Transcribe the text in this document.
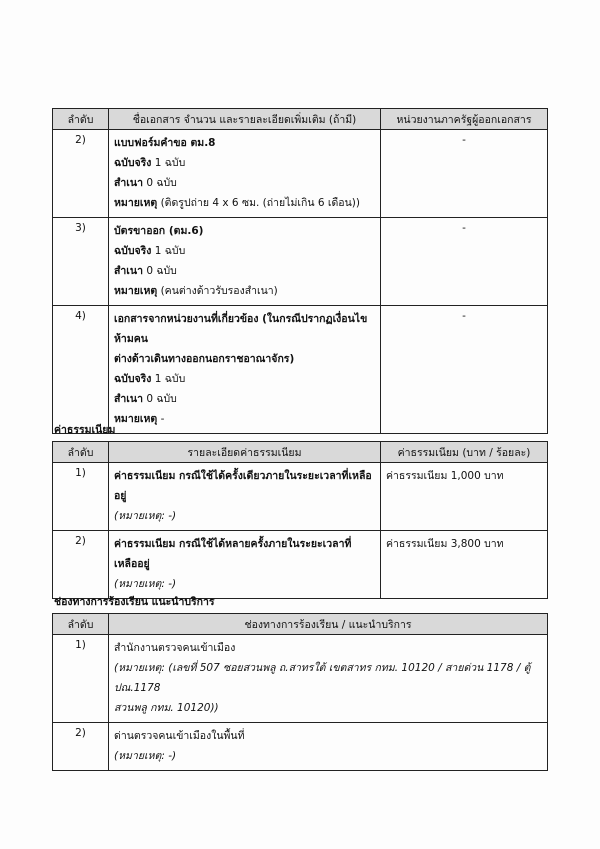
ลำดับ	ชื่อเอกสาร จำนวน และรายละเอียดเพิ่มเติม (ถ้ามี)	หน่วยงานภาครัฐผู้ออกเอกสาร
2)	แบบฟอร์มคำขอ ตม.8
ฉบับจริง 1 ฉบับ
สำเนา 0 ฉบับ
หมายเหตุ (ติดรูปถ่าย 4 x 6 ซม. (ถ่ายไม่เกิน 6 เดือน))	-
3)	บัตรขาออก (ตม.6)
ฉบับจริง 1 ฉบับ
สำเนา 0 ฉบับ
หมายเหตุ (คนต่างด้าวรับรองสำเนา)	-
4)	เอกสารจากหน่วยงานที่เกี่ยวข้อง (ในกรณีปรากฏเงื่อนไขห้ามคน
ต่างด้าวเดินทางออกนอกราชอาณาจักร)
ฉบับจริง 1 ฉบับ
สำเนา 0 ฉบับ
หมายเหตุ -	-
ค่าธรรมเนียม
ลำดับ	รายละเอียดค่าธรรมเนียม	ค่าธรรมเนียม (บาท / ร้อยละ)
1)	ค่าธรรมเนียม กรณีใช้ได้ครั้งเดียวภายในระยะเวลาที่เหลืออยู่
(หมายเหตุ: -)	ค่าธรรมเนียม 1,000 บาท
2)	ค่าธรรมเนียม กรณีใช้ได้หลายครั้งภายในระยะเวลาที่เหลืออยู่
(หมายเหตุ: -)	ค่าธรรมเนียม 3,800 บาท
ช่องทางการร้องเรียน แนะนำบริการ
ลำดับ	ช่องทางการร้องเรียน / แนะนำบริการ
1)	สำนักงานตรวจคนเข้าเมือง
(หมายเหตุ: (เลขที่ 507 ซอยสวนพลู ถ.สาทรใต้ เขตสาทร กทม. 10120 / สายด่วน 1178 / ตู้ ปณ.1178
สวนพลู กทม. 10120))

2)	ด่านตรวจคนเข้าเมืองในพื้นที่
(หมายเหตุ: -)
